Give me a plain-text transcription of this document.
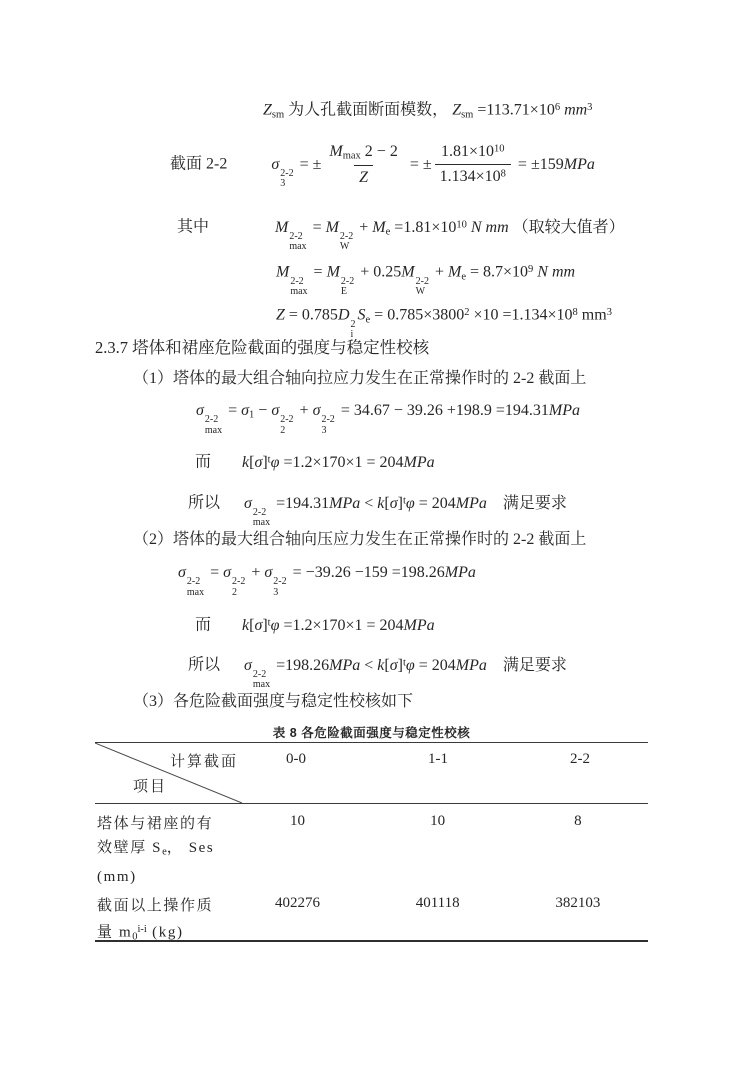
Zsm 为人孔截面断面模数， Zsm $=113.71\times 10^6$ $mm^3$
截面 2-2	σ
2-2
3
= ± $\frac{Mmax 2 - 2}{Z}$ = ± $\frac{1.81\times 10^{10}}{1.134\times 10^8} = \pm 159MPa$
其中	M
2-2
max
= M
2-2
W
+ $Me =1.81\times 10^{10}$ N mm （取较大值者）
M
2-2
max
= M
2-2
E
+ 0.25M
2-2
W
+ $Me = 8.7\times 10^9$ N mm
Z = 0.785D
2
i
$Se = 0.785\times 3800^2 \times 10 =1.134\times 10^8$ $mm^3$
2.3.7 塔体和裙座危险截面的强度与稳定性校核
（1）塔体的最大组合轴向拉应力发生在正常操作时的 2-2 截面上
σ
2-2
max
= σ1 − σ
2-2
2
+ σ
2-2
3
= 34.67 − 39.26 +198.9 =194.31MPa
而 $k[\sigma]^t\varphi =1.2\times 170\times 1 = 204MPa$
所以 σ
2-2
max
$=194.31MPa < k[\sigma]^t\varphi = 204MPa$　满足要求
（2）塔体的最大组合轴向压应力发生在正常操作时的 2-2 截面上
σ
2-2
max
= σ
2-2
2
+ σ
2-2
3
= −39.26 −159 =198.26MPa
而 $k[\sigma]^t\varphi =1.2\times 170\times 1 = 204MPa$
所以 σ
2-2
max
$=198.26MPa < k[\sigma]^t\varphi = 204MPa$　满足要求
（3）各危险截面强度与稳定性校核如下
表 8 各危险截面强度与稳定性校核
计算截面
项目
0-0	1-1	2-2
塔体与裙座的有效壁厚 Se， Ses (mm)
10	10	8
截面以上操作质量 m0$^{i-i}$ (kg)
402276	401118	382103
